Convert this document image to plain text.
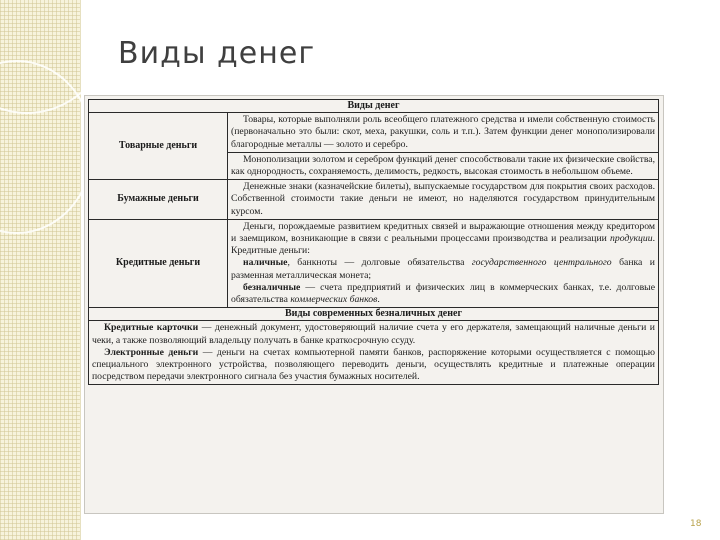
Виды денег
Виды денег	
Товарные деньги	Товары, которые выполняли роль всеобщего платежного средства и имели собственную стоимость (первоначально это были: скот, меха, ракушки, соль и т.п.). Затем функции денег монополизировали благородные металлы — золото и серебро.

	Монополизации золотом и серебром функций денег способствовали такие их физические свойства, как однородность, сохраняемость, делимость, редкость, высокая стоимость в небольшом объеме.

Бумажные деньги	Денежные знаки (казначейские билеты), выпускаемые государством для покрытия своих расходов. Собственной стоимости такие деньги не имеют, но наделяются государством принудительным курсом.

Кредитные деньги	Деньги, порождаемые развитием кредитных связей и выражающие отношения между кредитором и заемщиком, возникающие в связи с реальными процессами производства и реализации продукции. Кредитные деньги:

наличные, банкноты — долговые обязательства государственного центрального банка и разменная металлическая монета;

безналичные — счета предприятий и физических лиц в коммерческих банках, т.е. долговые обязательства коммерческих банков.

Виды современных безналичных денег	

Кредитные карточки — денежный документ, удостоверяющий наличие счета у его держателя, замещающий наличные деньги и чеки, а также позволяющий владельцу получать в банке краткосрочную ссуду.

Электронные деньги — деньги на счетах компьютерной памяти банков, распоряжение которыми осуществляется с помощью специального электронного устройства, позволяющего переводить деньги, осуществлять кредитные и платежные операции посредством передачи электронного сигнала без участия бумажных носителей.	

18
